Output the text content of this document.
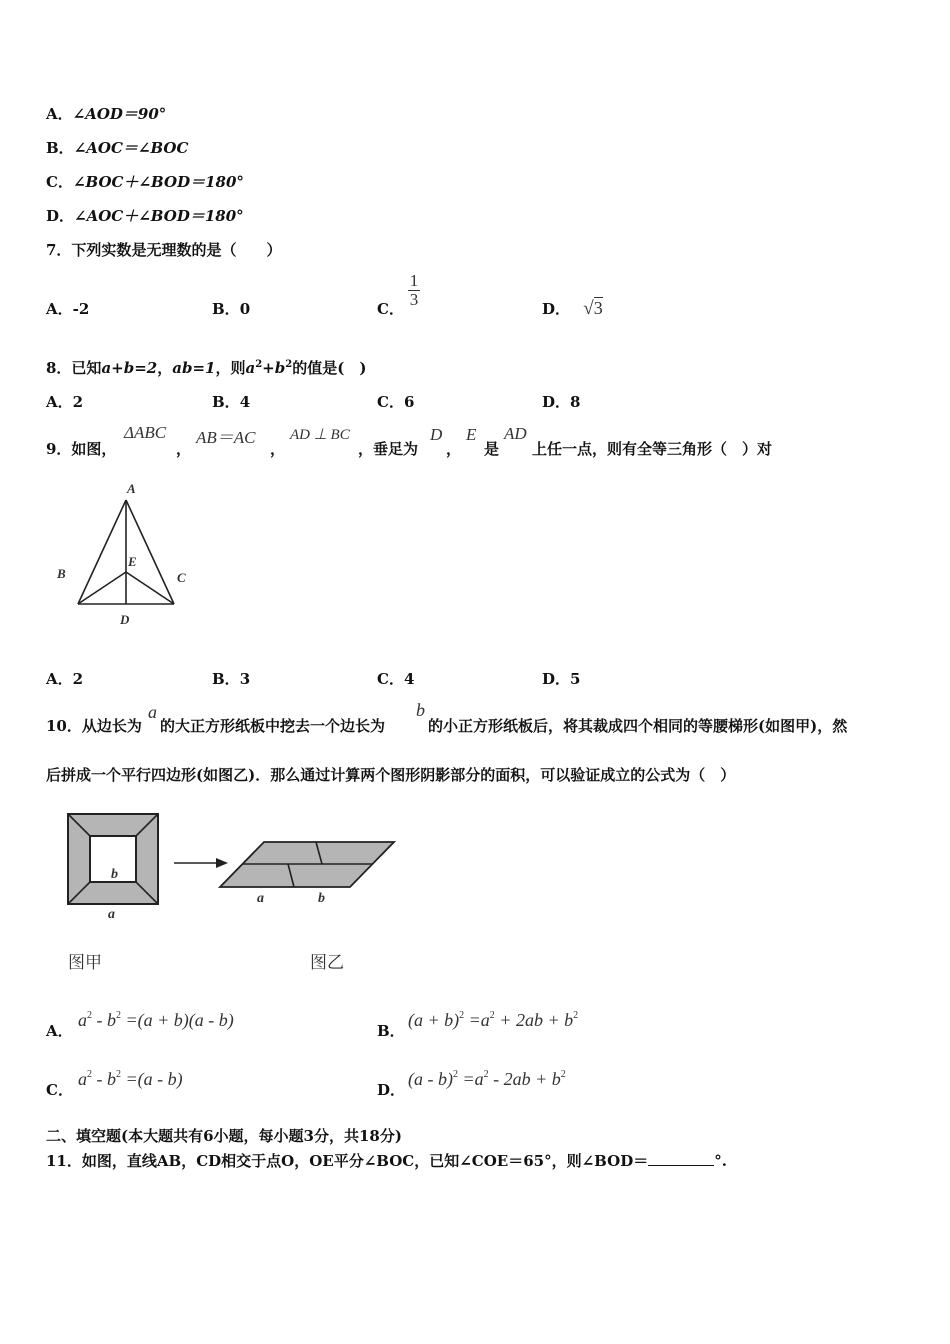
A．∠AOD＝90°
B．∠AOC＝∠BOC
C．∠BOC＋∠BOD＝180°
D．∠AOC＋∠BOD＝180°
7．下列实数是无理数的是（　　）
A．-2	B．0	C．
1
3	D． √3
8．已知a+b=2，ab=1，则$a^2+b^2$的值是(　)
A．2	B．4	C．6	D．8
9．如图，
ΔABC
，
AB＝AC
，
AD ⊥ BC
，垂足为
D
，
E
是
AD
上任一点，则有全等三角形（　）对
A
B	C
E
D
A．2	B．3	C．4	D．5
10．从边长为
a
的大正方形纸板中挖去一个边长为
b
的小正方形纸板后，将其裁成四个相同的等腰梯形(如图甲)，然
后拼成一个平行四边形(如图乙)．那么通过计算两个图形阴影部分的面积，可以验证成立的公式为（　）
b
a
a	b
图甲	图乙
A．
$a^2 - b^2 =(a + b)(a - b)$
B．
$(a + b)^2 =a^2 + 2ab + b^2$
C．
$a^2 - b^2 =(a - b)$
D．
$(a - b)^2 =a^2 - 2ab + b^2$
二、填空题(本大题共有6小题，每小题3分，共18分)
11．如图，直线AB，CD相交于点O，OE平分∠BOC，已知∠COE＝65°，则∠BOD＝	°.
